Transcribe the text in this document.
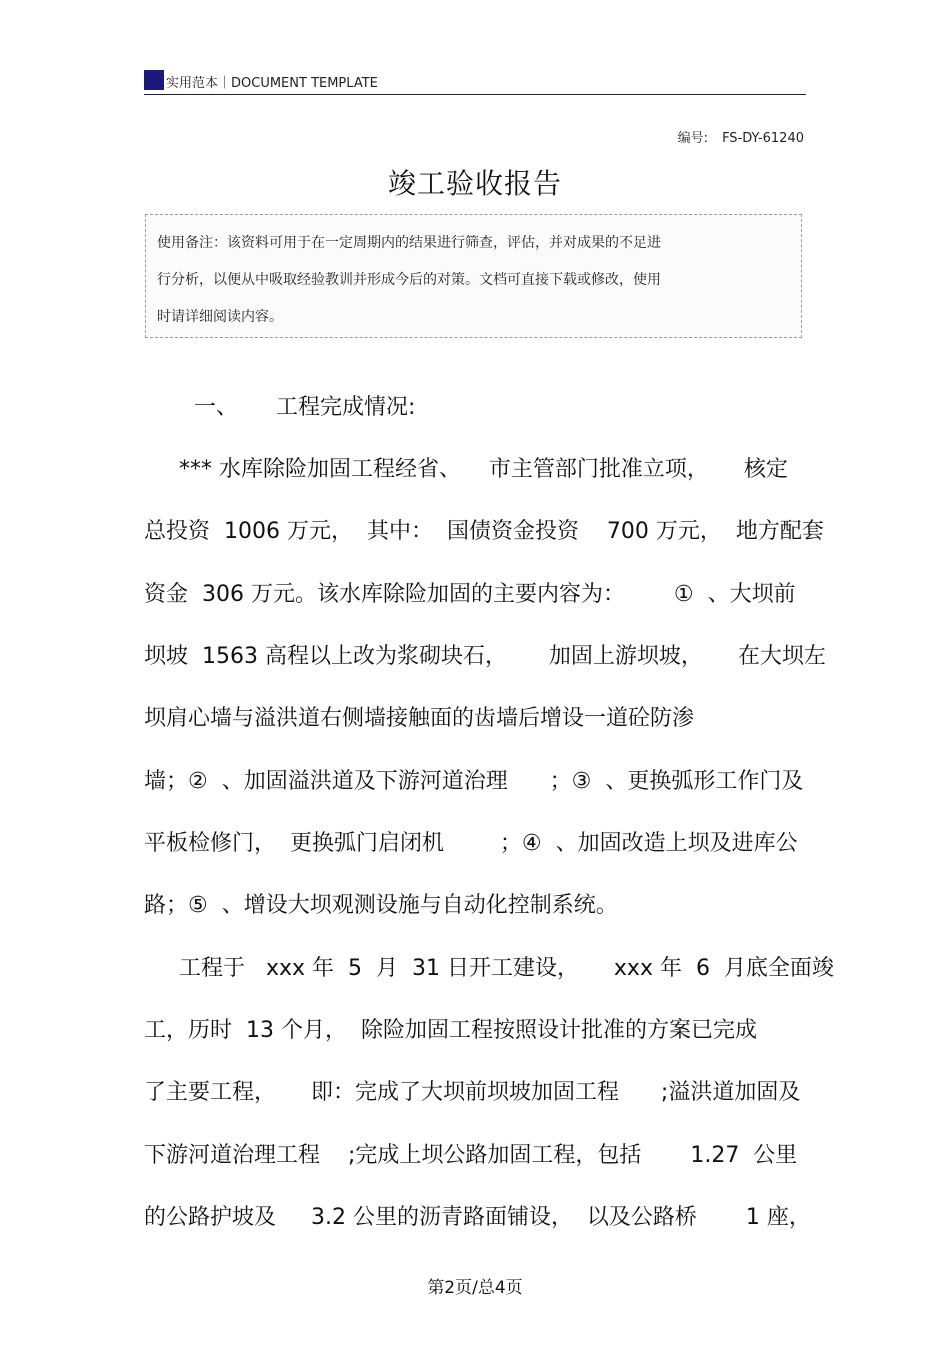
实用范本｜DOCUMENT TEMPLATE
编号: FS-DY-61240
竣工验收报告
使用备注：该资料可用于在一定周期内的结果进行筛查，评估，并对成果的不足进
行分析，以便从中吸取经验教训并形成今后的对策。文档可直接下载或修改，使用
时请详细阅读内容。
一、 工程完成情况:
*** 水库除险加固工程经省、    市主管部门批准立项，     核定
总投资  1006 万元，  其中：  国债资金投资    700 万元，  地方配套
资金  306 万元。该水库除险加固的主要内容为：       ①  、大坝前
坝坡  1563 高程以上改为浆砌块石，      加固上游坝坡，     在大坝左
坝肩心墙与溢洪道右侧墙接触面的齿墙后增设一道砼防渗
墙；②  、加固溢洪道及下游河道治理      ；③  、更换弧形工作门及
平板检修门，  更换弧门启闭机        ；④  、加固改造上坝及进库公
路；⑤  、增设大坝观测设施与自动化控制系统。
工程于   xxx 年  5  月  31 日开工建设，     xxx 年  6  月底全面竣
工，历时  13 个月，  除险加固工程按照设计批准的方案已完成
了主要工程，     即：完成了大坝前坝坡加固工程      ;溢洪道加固及
下游河道治理工程    ;完成上坝公路加固工程，包括       1.27  公里
的公路护坡及     3.2 公里的沥青路面铺设，  以及公路桥       1 座，
第2页/总4页
